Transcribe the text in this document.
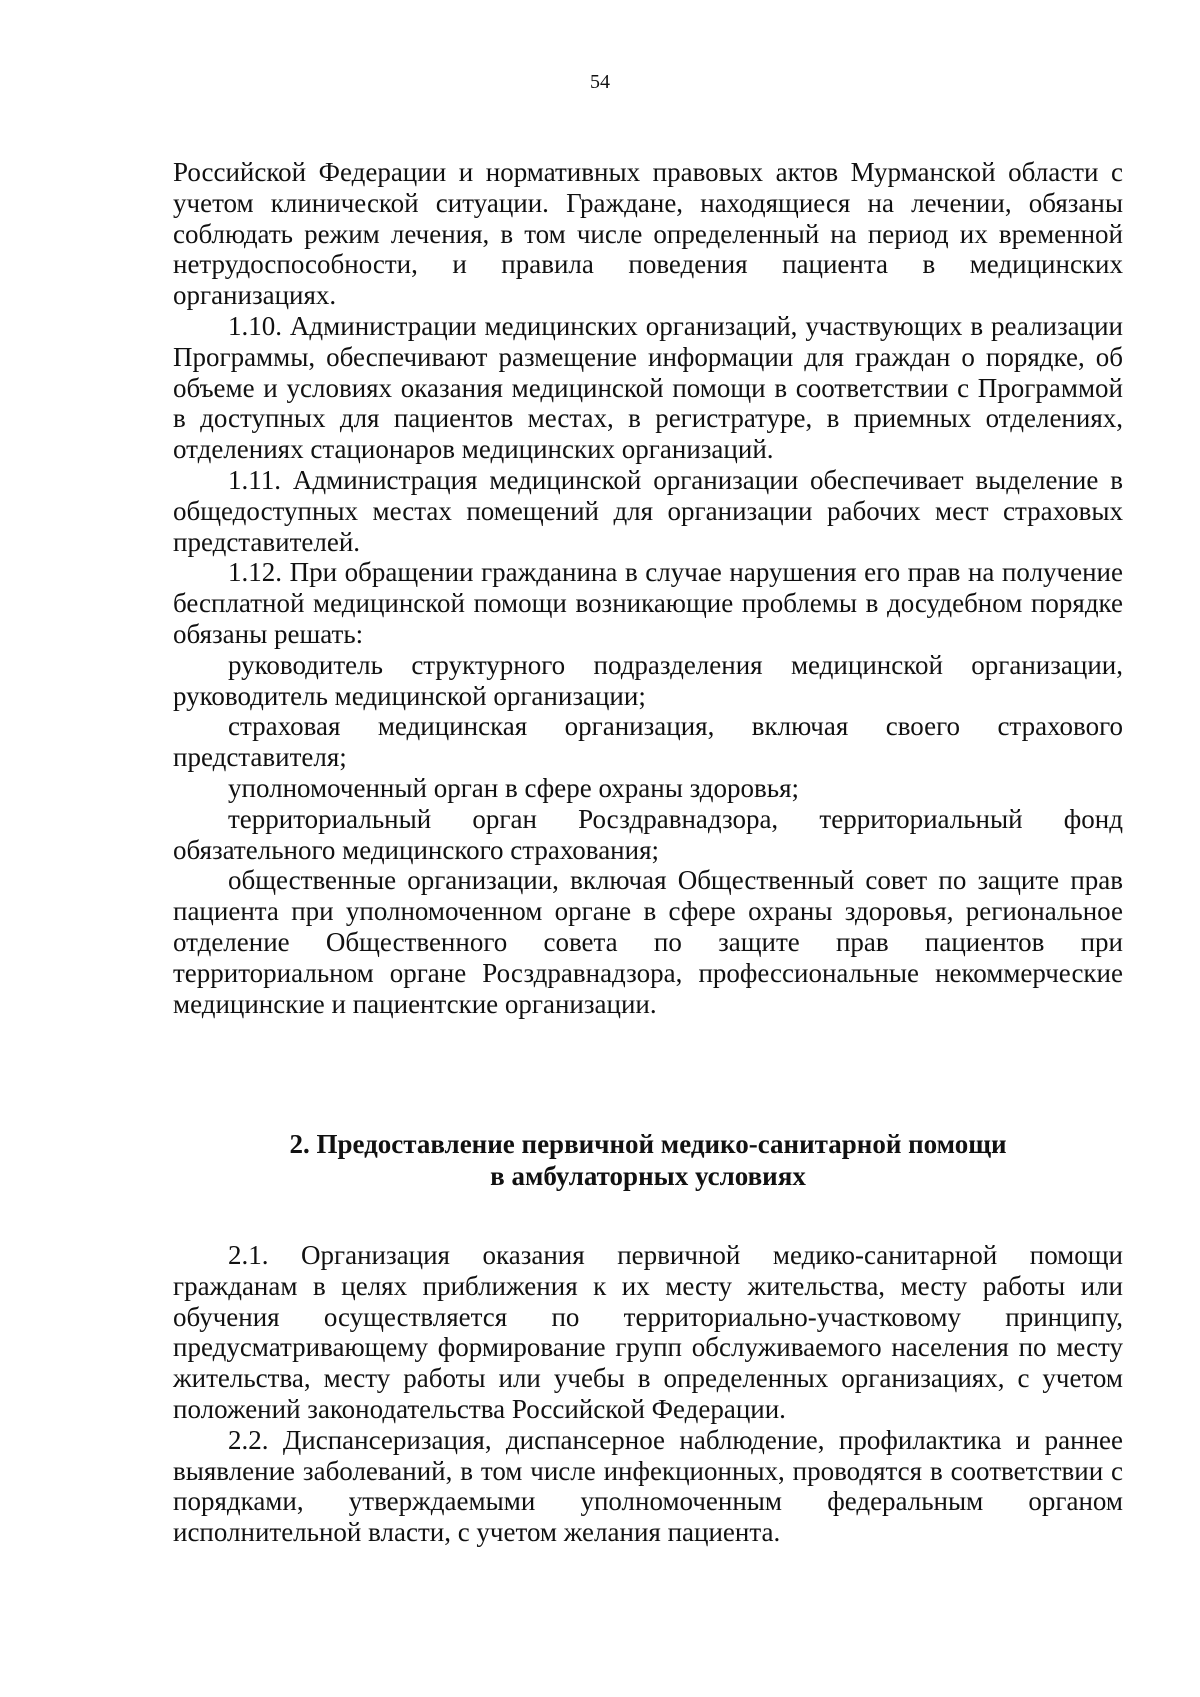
54

Российской Федерации и нормативных правовых актов Мурманской области с учетом клинической ситуации. Граждане, находящиеся на лечении, обязаны соблюдать режим лечения, в том числе определенный на период их временной нетрудоспособности, и правила поведения пациента в медицинских организациях.

1.10. Администрации медицинских организаций, участвующих в реализации Программы, обеспечивают размещение информации для граждан о порядке, об объеме и условиях оказания медицинской помощи в соответствии с Программой в доступных для пациентов местах, в регистратуре, в приемных отделениях, отделениях стационаров медицинских организаций.

1.11. Администрация медицинской организации обеспечивает выделение в общедоступных местах помещений для организации рабочих мест страховых представителей.

1.12. При обращении гражданина в случае нарушения его прав на получение бесплатной медицинской помощи возникающие проблемы в досудебном порядке обязаны решать:

руководитель структурного подразделения медицинской организации, руководитель медицинской организации;

страховая медицинская организация, включая своего страхового представителя;

уполномоченный орган в сфере охраны здоровья;

территориальный орган Росздравнадзора, территориальный фонд обязательного медицинского страхования;

общественные организации, включая Общественный совет по защите прав пациента при уполномоченном органе в сфере охраны здоровья, региональное отделение Общественного совета по защите прав пациентов при территориальном органе Росздравнадзора, профессиональные некоммерческие медицинские и пациентские организации.

2. Предоставление первичной медико-санитарной помощи
в амбулаторных условиях

2.1. Организация оказания первичной медико-санитарной помощи гражданам в целях приближения к их месту жительства, месту работы или обучения осуществляется по территориально-участковому принципу, предусматривающему формирование групп обслуживаемого населения по месту жительства, месту работы или учебы в определенных организациях, с учетом положений законодательства Российской Федерации.

2.2. Диспансеризация, диспансерное наблюдение, профилактика и раннее выявление заболеваний, в том числе инфекционных, проводятся в соответствии с порядками, утверждаемыми уполномоченным федеральным органом исполнительной власти, с учетом желания пациента.
